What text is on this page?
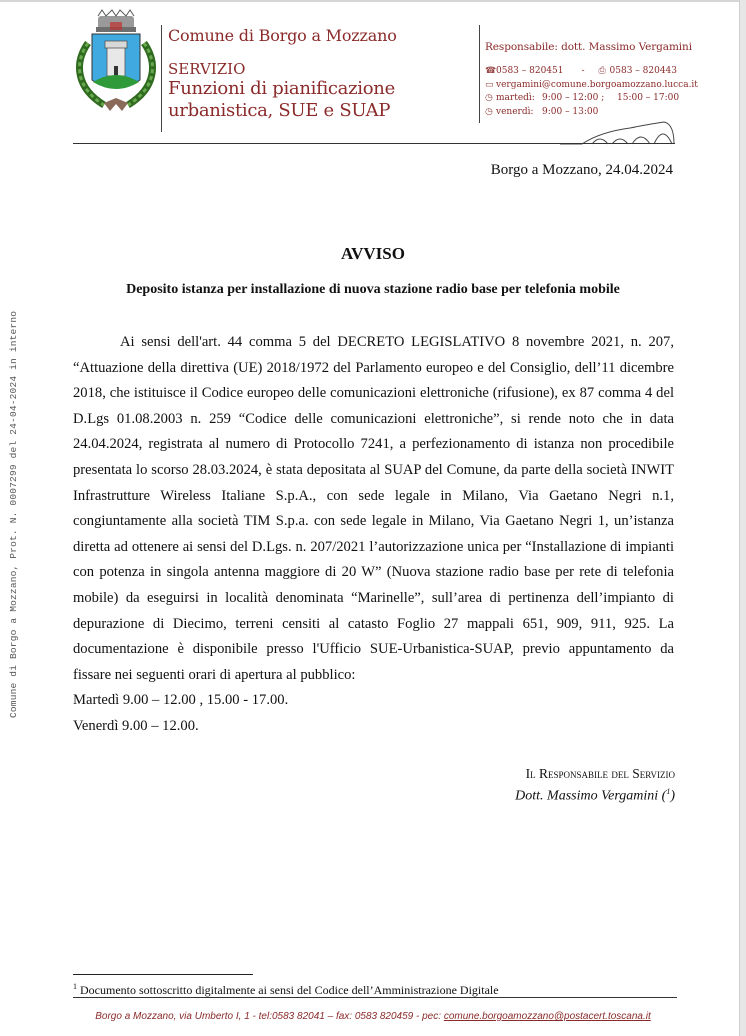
Comune di Borgo a Mozzano
SERVIZIO
Funzioni di pianificazione
urbanistica, SUE e SUAP
Responsabile: dott. Massimo Vergamini
☎ 0583 – 820451 - ⎙ 0583 – 820443
▭ vergamini@comune.borgoamozzano.lucca.it
◷ martedì: 9:00 – 12:00 ;	15:00 – 17:00
◷ venerdì: 9:00 – 13:00
Borgo a Mozzano, 24.04.2024
Comune di Borgo a Mozzano, Prot. N. 0007299 del 24-04-2024 in interno
AVVISO
Deposito istanza per installazione di nuova stazione radio base per telefonia mobile

Ai sensi dell'art. 44 comma 5 del DECRETO LEGISLATIVO 8 novembre 2021, n. 207, “Attuazione della direttiva (UE) 2018/1972 del Parlamento europeo e del Consiglio, dell’11 dicembre 2018, che istituisce il Codice europeo delle comunicazioni elettroniche (rifusione), ex 87 comma 4 del D.Lgs 01.08.2003 n. 259 “Codice delle comunicazioni elettroniche”, si rende noto che in data 24.04.2024, registrata al numero di Protocollo 7241, a perfezionamento di istanza non procedibile presentata lo scorso 28.03.2024, è stata depositata al SUAP del Comune, da parte della società INWIT Infrastrutture Wireless Italiane S.p.A., con sede legale in Milano, Via Gaetano Negri n.1, congiuntamente alla società TIM S.p.a. con sede legale in Milano, Via Gaetano Negri 1, un’istanza diretta ad ottenere ai sensi del D.Lgs. n. 207/2021 l’autorizzazione unica per “Installazione di impianti con potenza in singola antenna maggiore di 20 W” (Nuova stazione radio base per rete di telefonia mobile) da eseguirsi in località denominata “Marinelle”, sull’area di pertinenza dell’impianto di depurazione di Diecimo, terreni censiti al catasto Foglio 27 mappali 651, 909, 911, 925. La documentazione è disponibile presso l'Ufficio SUE-Urbanistica-SUAP, previo appuntamento da fissare nei seguenti orari di apertura al pubblico:

Martedì 9.00 – 12.00 , 15.00 - 17.00.

Venerdì 9.00 – 12.00.

Il Responsabile del Servizio
Dott. Massimo Vergamini ($^1$)
$^1$ Documento sottoscritto digitalmente ai sensi del Codice dell’Amministrazione Digitale
Borgo a Mozzano, via Umberto I, 1 - tel:0583 82041 – fax: 0583 820459 - pec: comune.borgoamozzano@postacert.toscana.it
